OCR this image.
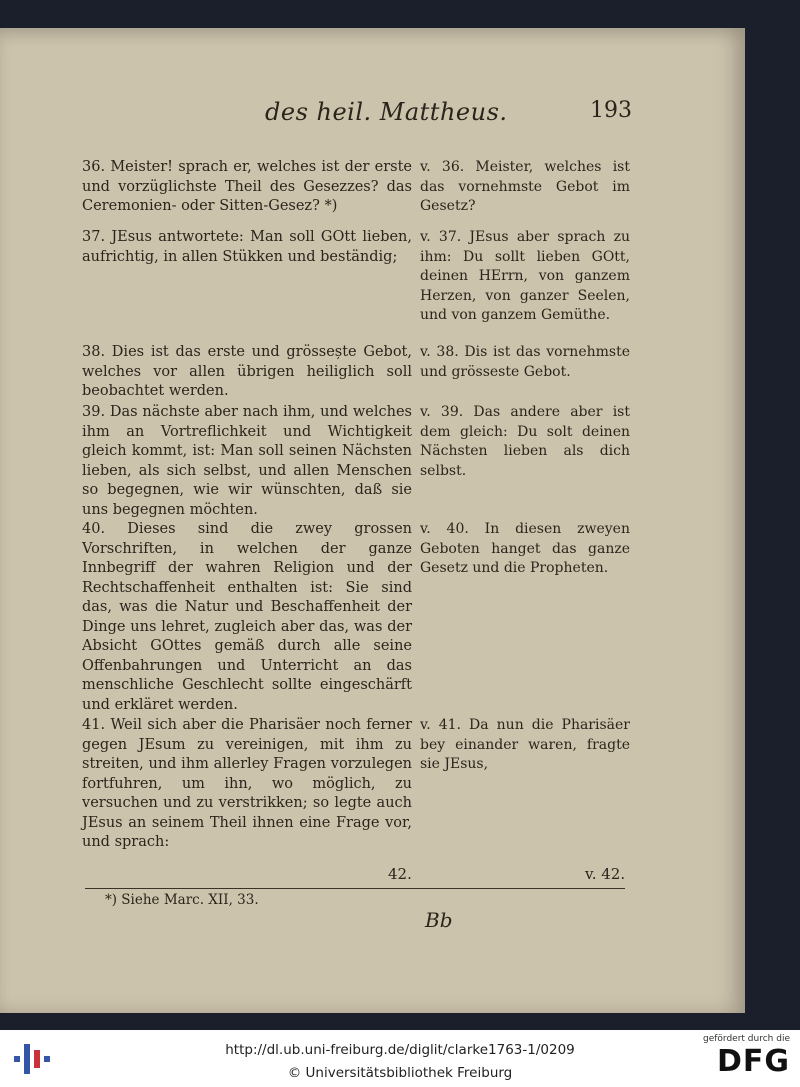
des heil. Mattheus.	193
36. Meister! sprach er, welches ist der erste und vorzüglichste Theil des Gesezzes? das Ceremonien- oder Sitten-Gesez? *)
37. JEsus antwortete: Man soll GOtt lieben, aufrichtig, in allen Stükken und beständig;
38. Dies ist das erste und grössește Gebot, welches vor allen übrigen heiliglich soll beobachtet werden.
39. Das nächste aber nach ihm, und welches ihm an Vortreflichkeit und Wichtigkeit gleich kommt, ist: Man soll seinen Nächsten lieben, als sich selbst, und allen Menschen so begegnen, wie wir wünschten, daß sie uns begegnen möchten.
40. Dieses sind die zwey grossen Vorschriften, in welchen der ganze Innbegriff der wahren Religion und der Rechtschaffenheit enthalten ist: Sie sind das, was die Natur und Beschaffenheit der Dinge uns lehret, zugleich aber das, was der Absicht GOttes gemäß durch alle seine Offenbahrungen und Unterricht an das menschliche Geschlecht sollte eingeschärft und erkläret werden.
41. Weil sich aber die Pharisäer noch ferner gegen JEsum zu vereinigen, mit ihm zu streiten, und ihm allerley Fragen vorzulegen fortfuhren, um ihn, wo möglich, zu versuchen und zu verstrikken; so legte auch JEsus an seinem Theil ihnen eine Frage vor, und sprach:
v. 36. Meister, welches ist das vornehmste Gebot im Gesetz?
v. 37. JEsus aber sprach zu ihm: Du sollt lieben GOtt, deinen HErrn, von ganzem Herzen, von ganzer Seelen, und von ganzem Gemüthe.
v. 38. Dis ist das vornehmste und grösseste Gebot.
v. 39. Das andere aber ist dem gleich: Du solt deinen Nächsten lieben als dich selbst.
v. 40. In diesen zweyen Geboten hanget das ganze Gesetz und die Propheten.
v. 41. Da nun die Pharisäer bey einander waren, fragte sie JEsus,
42.	v. 42.
*) Siehe Marc. XII, 33.
Bb
http://dl.ub.uni-freiburg.de/diglit/clarke1763-1/0209
© Universitätsbibliothek Freiburg
gefördert durch die
DFG
